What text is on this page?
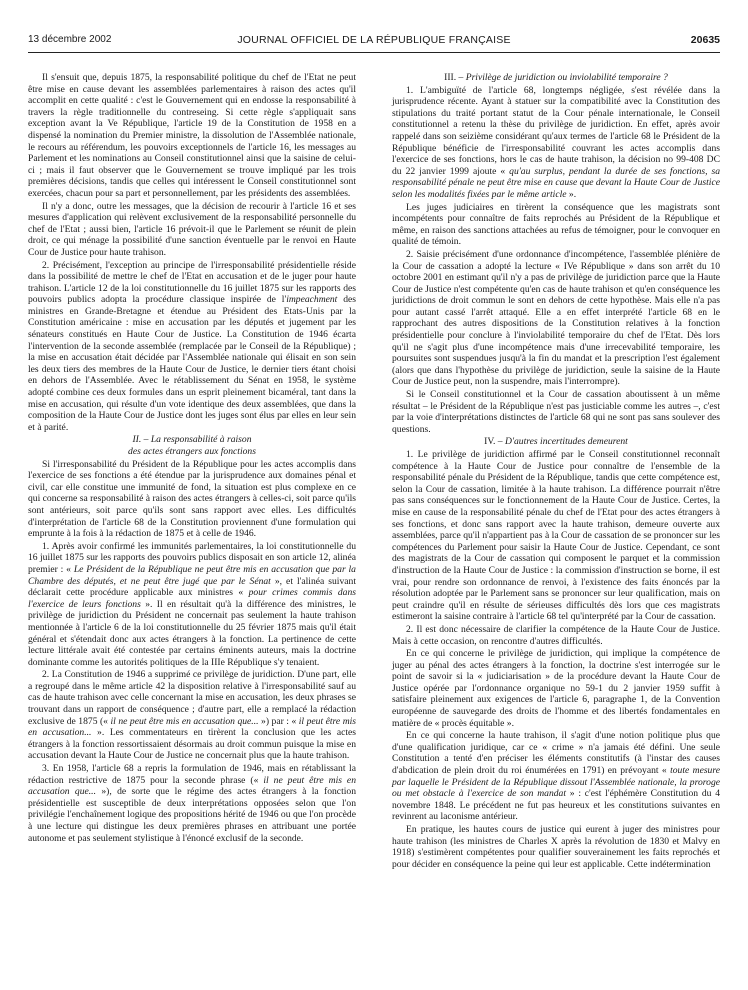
13 décembre 2002	JOURNAL OFFICIEL DE LA RÉPUBLIQUE FRANÇAISE	20635

Il s'ensuit que, depuis 1875, la responsabilité politique du chef de l'Etat ne peut être mise en cause devant les assemblées parlementaires à raison des actes qu'il accomplit en cette qualité : c'est le Gouvernement qui en endosse la responsabilité à travers la règle traditionnelle du contreseing. Si cette règle s'appliquait sans exception avant la Ve République, l'article 19 de la Constitution de 1958 en a dispensé la nomination du Premier ministre, la dissolution de l'Assemblée nationale, le recours au référendum, les pouvoirs exceptionnels de l'article 16, les messages au Parlement et les nominations au Conseil constitutionnel ainsi que la saisine de celui-ci ; mais il faut observer que le Gouvernement se trouve impliqué par les trois premières décisions, tandis que celles qui intéressent le Conseil constitutionnel sont exercées, chacun pour sa part et personnellement, par les présidents des assemblées.

Il n'y a donc, outre les messages, que la décision de recourir à l'article 16 et ses mesures d'application qui relèvent exclusivement de la responsabilité personnelle du chef de l'Etat ; aussi bien, l'article 16 prévoit-il que le Parlement se réunit de plein droit, ce qui ménage la possibilité d'une sanction éventuelle par le renvoi en Haute Cour de Justice pour haute trahison.

2. Précisément, l'exception au principe de l'irresponsabilité présidentielle réside dans la possibilité de mettre le chef de l'Etat en accusation et de le juger pour haute trahison. L'article 12 de la loi constitutionnelle du 16 juillet 1875 sur les rapports des pouvoirs publics adopta la procédure classique inspirée de l'impeachment des ministres en Grande-Bretagne et étendue au Président des Etats-Unis par la Constitution américaine : mise en accusation par les députés et jugement par les sénateurs constitués en Haute Cour de Justice. La Constitution de 1946 écarta l'intervention de la seconde assemblée (remplacée par le Conseil de la République) ; la mise en accusation était décidée par l'Assemblée nationale qui élisait en son sein les deux tiers des membres de la Haute Cour de Justice, le dernier tiers étant choisi en dehors de l'Assemblée. Avec le rétablissement du Sénat en 1958, le système adopté combine ces deux formules dans un esprit pleinement bicaméral, tant dans la mise en accusation, qui résulte d'un vote identique des deux assemblées, que dans la composition de la Haute Cour de Justice dont les juges sont élus par elles en leur sein et à parité.

II. – La responsabilité à raison
des actes étrangers aux fonctions

Si l'irresponsabilité du Président de la République pour les actes accomplis dans l'exercice de ses fonctions a été étendue par la jurisprudence aux domaines pénal et civil, car elle constitue une immunité de fond, la situation est plus complexe en ce qui concerne sa responsabilité à raison des actes étrangers à celles-ci, soit parce qu'ils sont antérieurs, soit parce qu'ils sont sans rapport avec elles. Les difficultés d'interprétation de l'article 68 de la Constitution proviennent d'une formulation qui emprunte à la fois à la rédaction de 1875 et à celle de 1946.

1. Après avoir confirmé les immunités parlementaires, la loi constitutionnelle du 16 juillet 1875 sur les rapports des pouvoirs publics disposait en son article 12, alinéa premier : « Le Président de la République ne peut être mis en accusation que par la Chambre des députés, et ne peut être jugé que par le Sénat », et l'alinéa suivant déclarait cette procédure applicable aux ministres « pour crimes commis dans l'exercice de leurs fonctions ». Il en résultait qu'à la différence des ministres, le privilège de juridiction du Président ne concernait pas seulement la haute trahison mentionnée à l'article 6 de la loi constitutionnelle du 25 février 1875 mais qu'il était général et s'étendait donc aux actes étrangers à la fonction. La pertinence de cette lecture littérale avait été contestée par certains éminents auteurs, mais la doctrine dominante comme les autorités politiques de la IIIe République s'y tenaient.

2. La Constitution de 1946 a supprimé ce privilège de juridiction. D'une part, elle a regroupé dans le même article 42 la disposition relative à l'irresponsabilité sauf au cas de haute trahison avec celle concernant la mise en accusation, les deux phrases se trouvant dans un rapport de conséquence ; d'autre part, elle a remplacé la rédaction exclusive de 1875 (« il ne peut être mis en accusation que... ») par : « il peut être mis en accusation... ». Les commentateurs en tirèrent la conclusion que les actes étrangers à la fonction ressortissaient désormais au droit commun puisque la mise en accusation devant la Haute Cour de Justice ne concernait plus que la haute trahison.

3. En 1958, l'article 68 a repris la formulation de 1946, mais en rétablissant la rédaction restrictive de 1875 pour la seconde phrase (« il ne peut être mis en accusation que... »), de sorte que le régime des actes étrangers à la fonction présidentielle est susceptible de deux interprétations opposées selon que l'on privilégie l'enchaînement logique des propositions hérité de 1946 ou que l'on procède à une lecture qui distingue les deux premières phrases en attribuant une portée autonome et pas seulement stylistique à l'énoncé exclusif de la seconde.

III. – Privilège de juridiction ou inviolabilité temporaire ?

1. L'ambiguïté de l'article 68, longtemps négligée, s'est révélée dans la jurisprudence récente. Ayant à statuer sur la compatibilité avec la Constitution des stipulations du traité portant statut de la Cour pénale internationale, le Conseil constitutionnel a retenu la thèse du privilège de juridiction. En effet, après avoir rappelé dans son seizième considérant qu'aux termes de l'article 68 le Président de la République bénéficie de l'irresponsabilité couvrant les actes accomplis dans l'exercice de ses fonctions, hors le cas de haute trahison, la décision no 99-408 DC du 22 janvier 1999 ajoute « qu'au surplus, pendant la durée de ses fonctions, sa responsabilité pénale ne peut être mise en cause que devant la Haute Cour de Justice selon les modalités fixées par le même article ».

Les juges judiciaires en tirèrent la conséquence que les magistrats sont incompétents pour connaître de faits reprochés au Président de la République et même, en raison des sanctions attachées au refus de témoigner, pour le convoquer en qualité de témoin.

2. Saisie précisément d'une ordonnance d'incompétence, l'assemblée plénière de la Cour de cassation a adopté la lecture « IVe République » dans son arrêt du 10 octobre 2001 en estimant qu'il n'y a pas de privilège de juridiction parce que la Haute Cour de Justice n'est compétente qu'en cas de haute trahison et qu'en conséquence les juridictions de droit commun le sont en dehors de cette hypothèse. Mais elle n'a pas pour autant cassé l'arrêt attaqué. Elle a en effet interprété l'article 68 en le rapprochant des autres dispositions de la Constitution relatives à la fonction présidentielle pour conclure à l'inviolabilité temporaire du chef de l'Etat. Dès lors qu'il ne s'agit plus d'une incompétence mais d'une irrecevabilité temporaire, les poursuites sont suspendues jusqu'à la fin du mandat et la prescription l'est également (alors que dans l'hypothèse du privilège de juridiction, seule la saisine de la Haute Cour de Justice peut, non la suspendre, mais l'interrompre).

Si le Conseil constitutionnel et la Cour de cassation aboutissent à un même résultat – le Président de la République n'est pas justiciable comme les autres –, c'est par la voie d'interprétations distinctes de l'article 68 qui ne sont pas sans soulever des questions.

IV. – D'autres incertitudes demeurent

1. Le privilège de juridiction affirmé par le Conseil constitutionnel reconnaît compétence à la Haute Cour de Justice pour connaître de l'ensemble de la responsabilité pénale du Président de la République, tandis que cette compétence est, selon la Cour de cassation, limitée à la haute trahison. La différence pourrait n'être pas sans conséquences sur le fonctionnement de la Haute Cour de Justice. Certes, la mise en cause de la responsabilité pénale du chef de l'Etat pour des actes étrangers à ses fonctions, et donc sans rapport avec la haute trahison, demeure ouverte aux assemblées, parce qu'il n'appartient pas à la Cour de cassation de se prononcer sur les compétences du Parlement pour saisir la Haute Cour de Justice. Cependant, ce sont des magistrats de la Cour de cassation qui composent le parquet et la commission d'instruction de la Haute Cour de Justice : la commission d'instruction se borne, il est vrai, pour rendre son ordonnance de renvoi, à l'existence des faits énoncés par la résolution adoptée par le Parlement sans se prononcer sur leur qualification, mais on peut craindre qu'il en résulte de sérieuses difficultés dès lors que ces magistrats estimeront la saisine contraire à l'article 68 tel qu'interprété par la Cour de cassation.

2. Il est donc nécessaire de clarifier la compétence de la Haute Cour de Justice. Mais à cette occasion, on rencontre d'autres difficultés.

En ce qui concerne le privilège de juridiction, qui implique la compétence de juger au pénal des actes étrangers à la fonction, la doctrine s'est interrogée sur le point de savoir si la « judiciarisation » de la procédure devant la Haute Cour de Justice opérée par l'ordonnance organique no 59-1 du 2 janvier 1959 suffit à satisfaire pleinement aux exigences de l'article 6, paragraphe 1, de la Convention européenne de sauvegarde des droits de l'homme et des libertés fondamentales en matière de « procès équitable ».

En ce qui concerne la haute trahison, il s'agit d'une notion politique plus que d'une qualification juridique, car ce « crime » n'a jamais été défini. Une seule Constitution a tenté d'en préciser les éléments constitutifs (à l'instar des causes d'abdication de plein droit du roi énumérées en 1791) en prévoyant « toute mesure par laquelle le Président de la République dissout l'Assemblée nationale, la proroge ou met obstacle à l'exercice de son mandat » : c'est l'éphémère Constitution du 4 novembre 1848. Le précédent ne fut pas heureux et les constitutions suivantes en revinrent au laconisme antérieur.

En pratique, les hautes cours de justice qui eurent à juger des ministres pour haute trahison (les ministres de Charles X après la révolution de 1830 et Malvy en 1918) s'estimèrent compétentes pour qualifier souverainement les faits reprochés et pour décider en conséquence la peine qui leur est applicable. Cette indétermination
